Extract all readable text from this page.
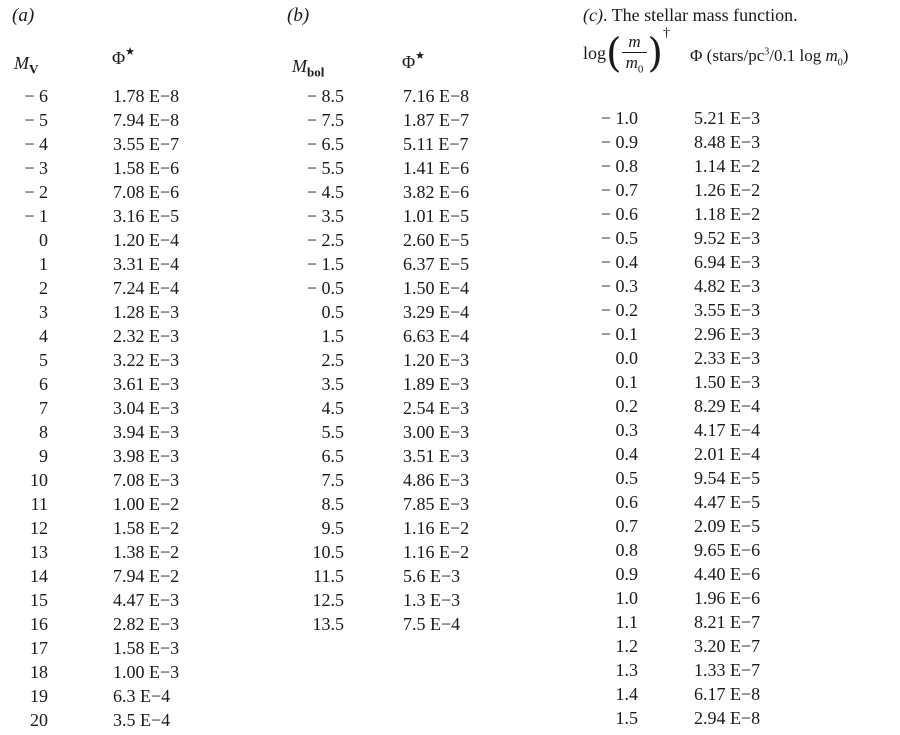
(a)
$M_V$
Φ★
− 6	1.78 E−8
− 5	7.94 E−8
− 4	3.55 E−7
− 3	1.58 E−6
− 2	7.08 E−6
− 1	3.16 E−5
0	1.20 E−4
1	3.31 E−4
2	7.24 E−4
3	1.28 E−3
4	2.32 E−3
5	3.22 E−3
6	3.61 E−3
7	3.04 E−3
8	3.94 E−3
9	3.98 E−3
10	7.08 E−3
11	1.00 E−2
12	1.58 E−2
13	1.38 E−2
14	7.94 E−2
15	4.47 E−3
16	2.82 E−3
17	1.58 E−3
18	1.00 E−3
19	6.3 E−4
20	3.5 E−4
(b)
$M_{bol}$
Φ★
− 8.5	7.16 E−8
− 7.5	1.87 E−7
− 6.5	5.11 E−7
− 5.5	1.41 E−6
− 4.5	3.82 E−6
− 3.5	1.01 E−5
− 2.5	2.60 E−5
− 1.5	6.37 E−5
− 0.5	1.50 E−4
0.5	3.29 E−4
1.5	6.63 E−4
2.5	1.20 E−3
3.5	1.89 E−3
4.5	2.54 E−3
5.5	3.00 E−3
6.5	3.51 E−3
7.5	4.86 E−3
8.5	7.85 E−3
9.5	1.16 E−2
10.5	1.16 E−2
11.5	5.6 E−3
12.5	1.3 E−3
13.5	7.5 E−4
(c). The stellar mass function.
$\log( \frac{m}{m_0} )^\dagger$
Φ ($stars/pc^3/0.1$ $\log m_0$)
− 1.0	5.21 E−3
− 0.9	8.48 E−3
− 0.8	1.14 E−2
− 0.7	1.26 E−2
− 0.6	1.18 E−2
− 0.5	9.52 E−3
− 0.4	6.94 E−3
− 0.3	4.82 E−3
− 0.2	3.55 E−3
− 0.1	2.96 E−3
0.0	2.33 E−3
0.1	1.50 E−3
0.2	8.29 E−4
0.3	4.17 E−4
0.4	2.01 E−4
0.5	9.54 E−5
0.6	4.47 E−5
0.7	2.09 E−5
0.8	9.65 E−6
0.9	4.40 E−6
1.0	1.96 E−6
1.1	8.21 E−7
1.2	3.20 E−7
1.3	1.33 E−7
1.4	6.17 E−8
1.5	2.94 E−8
